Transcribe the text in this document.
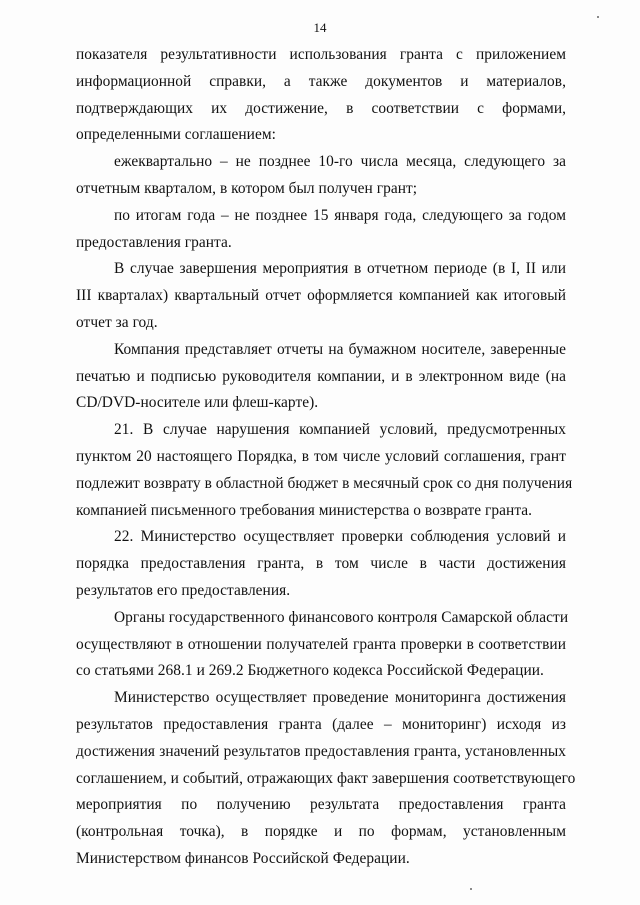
14
показателя результативности использования гранта с приложением
информационной справки, а также документов и материалов,
подтверждающих их достижение, в соответствии с формами,
определенными соглашением:
ежеквартально – не позднее 10-го числа месяца, следующего за
отчетным кварталом, в котором был получен грант;
по итогам года – не позднее 15 января года, следующего за годом
предоставления гранта.
В случае завершения мероприятия в отчетном периоде (в I, II или
III кварталах) квартальный отчет оформляется компанией как итоговый
отчет за год.
Компания представляет отчеты на бумажном носителе, заверенные
печатью и подписью руководителя компании, и в электронном виде (на
CD/DVD-носителе или флеш-карте).
21. В случае нарушения компанией условий, предусмотренных
пунктом 20 настоящего Порядка, в том числе условий соглашения, грант
подлежит возврату в областной бюджет в месячный срок со дня получения
компанией письменного требования министерства о возврате гранта.
22. Министерство осуществляет проверки соблюдения условий и
порядка предоставления гранта, в том числе в части достижения
результатов его предоставления.
Органы государственного финансового контроля Самарской области
осуществляют в отношении получателей гранта проверки в соответствии
со статьями 268.1 и 269.2 Бюджетного кодекса Российской Федерации.
Министерство осуществляет проведение мониторинга достижения
результатов предоставления гранта (далее – мониторинг) исходя из
достижения значений результатов предоставления гранта, установленных
соглашением, и событий, отражающих факт завершения соответствующего
мероприятия по получению результата предоставления гранта
(контрольная точка), в порядке и по формам, установленным
Министерством финансов Российской Федерации.
